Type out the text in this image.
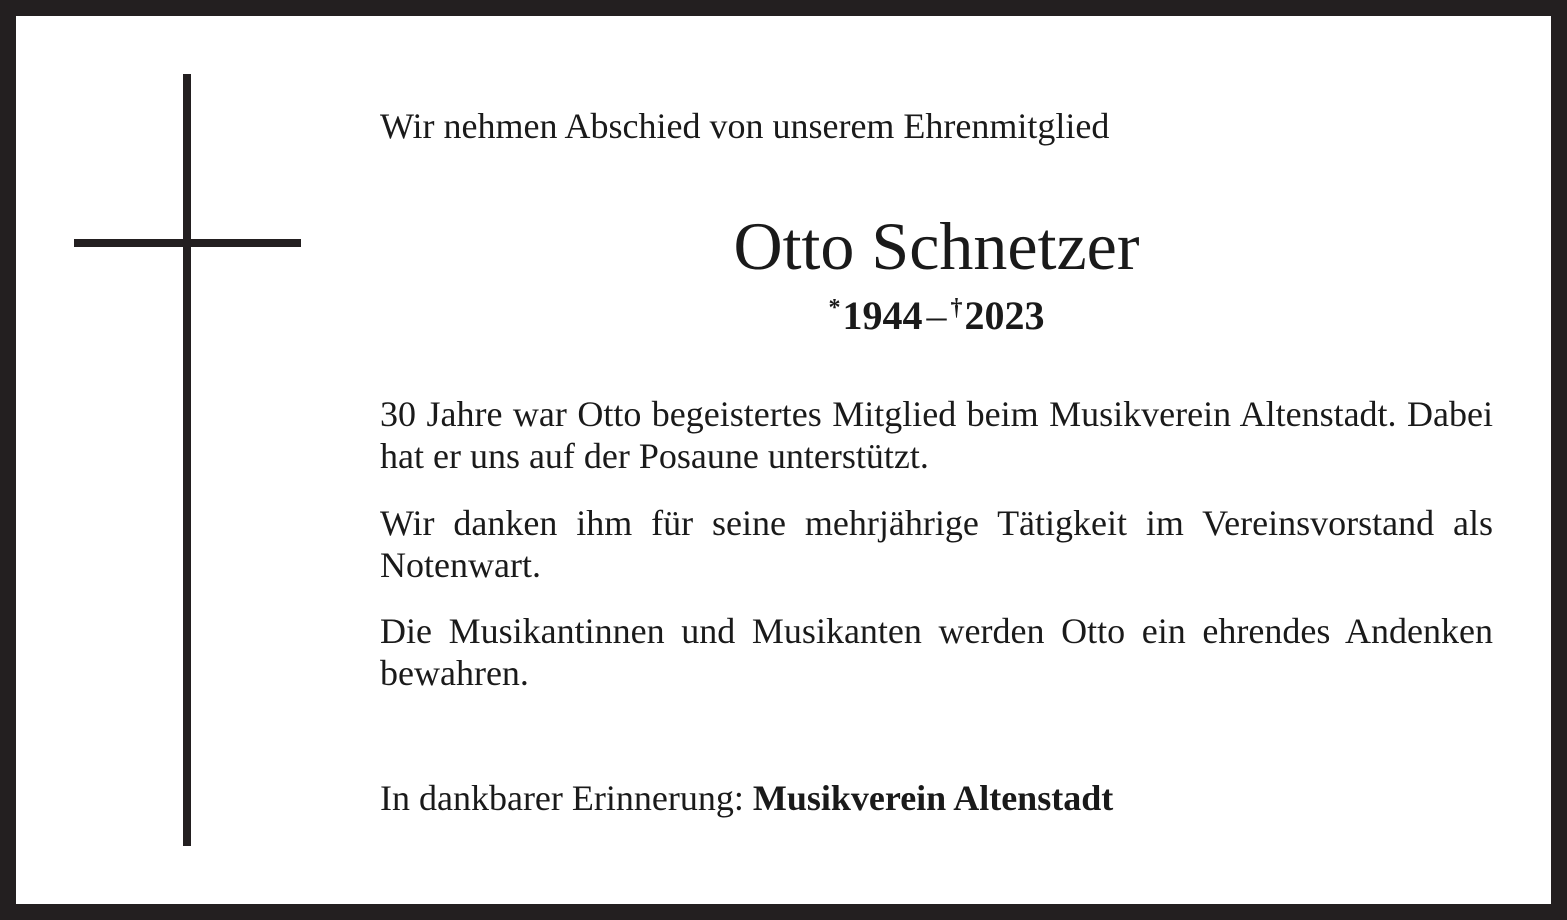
Wir nehmen Abschied von unserem Ehrenmitglied
Otto Schnetzer
*1944 – †2023

30 Jahre war Otto begeistertes Mitglied beim Musikverein Altenstadt. Dabei hat er uns auf der Posaune unterstützt.

Wir danken ihm für seine mehrjährige Tätigkeit im Vereinsvorstand als Notenwart.

Die Musikantinnen und Musikanten werden Otto ein ehrendes Andenken bewahren.

In dankbarer Erinnerung: Musikverein Altenstadt
